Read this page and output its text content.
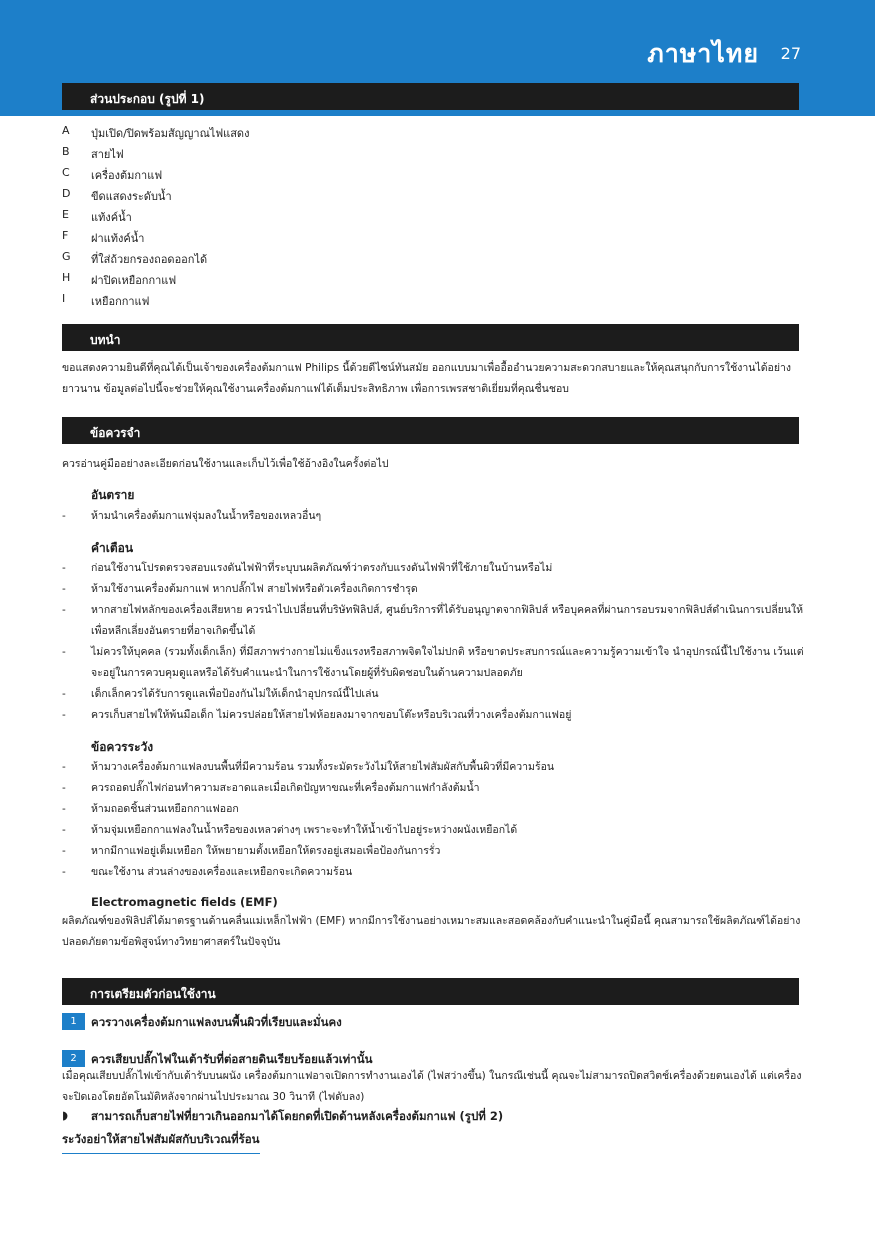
ภาษาไทย 27
ส่วนประกอบ (รูปที่ 1)
A	ปุ่มเปิด/ปิดพร้อมสัญญาณไฟแสดง
B	สายไฟ
C	เครื่องต้มกาแฟ
D	ขีดแสดงระดับน้ำ
E	แท้งค์น้ำ
F	ฝาแท้งค์น้ำ
G	ที่ใส่ถ้วยกรองถอดออกได้
H	ฝาปิดเหยือกกาแฟ
I	เหยือกกาแฟ
บทนำ
ขอแสดงความยินดีที่คุณได้เป็นเจ้าของเครื่องต้มกาแฟ Philips นี้ด้วยดีไซน์ทันสมัย ออกแบบมาเพื่ออื้ออำนวยความสะดวกสบายและให้คุณสนุกกับการใช้งานได้อย่างยาวนาน ข้อมูลต่อไปนี้จะช่วยให้คุณใช้งานเครื่องต้มกาแฟได้เต็มประสิทธิภาพ เพื่อการเพรสชาติเยี่ยมที่คุณชื่นชอบ
ข้อควรจำ
ควรอ่านคู่มืออย่างละเอียดก่อนใช้งานและเก็บไว้เพื่อใช้อ้างอิงในครั้งต่อไป
อันตราย
- ห้ามนำเครื่องต้มกาแฟจุ่มลงในน้ำหรือของเหลวอื่นๆ
คำเตือน
- ก่อนใช้งานโปรดตรวจสอบแรงดันไฟฟ้าที่ระบุบนผลิตภัณฑ์ว่าตรงกับแรงดันไฟฟ้าที่ใช้ภายในบ้านหรือไม่
- ห้ามใช้งานเครื่องต้มกาแฟ หากปลั๊กไฟ สายไฟหรือตัวเครื่องเกิดการชำรุด
- หากสายไฟหลักของเครื่องเสียหาย ควรนำไปเปลี่ยนที่บริษัทฟิลิปส์, ศูนย์บริการที่ได้รับอนุญาตจากฟิลิปส์ หรือบุคคลที่ผ่านการอบรมจากฟิลิปส์ดำเนินการเปลี่ยนให้ เพื่อหลีกเลี่ยงอันตรายที่อาจเกิดขึ้นได้
- ไม่ควรให้บุคคล (รวมทั้งเด็กเล็ก) ที่มีสภาพร่างกายไม่แข็งแรงหรือสภาพจิตใจไม่ปกติ หรือขาดประสบการณ์และความรู้ความเข้าใจ นำอุปกรณ์นี้ไปใช้งาน เว้นแต่จะอยู่ในการควบคุมดูแลหรือได้รับคำแนะนำในการใช้งานโดยผู้ที่รับผิดชอบในด้านความปลอดภัย
- เด็กเล็กควรได้รับการดูแลเพื่อป้องกันไม่ให้เด็กนำอุปกรณ์นี้ไปเล่น
- ควรเก็บสายไฟให้พ้นมือเด็ก ไม่ควรปล่อยให้สายไฟห้อยลงมาจากขอบโต๊ะหรือบริเวณที่วางเครื่องต้มกาแฟอยู่
ข้อควรระวัง
- ห้ามวางเครื่องต้มกาแฟลงบนพื้นที่มีความร้อน รวมทั้งระมัดระวังไม่ให้สายไฟสัมผัสกับพื้นผิวที่มีความร้อน
- ควรถอดปลั๊กไฟก่อนทำความสะอาดและเมื่อเกิดปัญหาขณะที่เครื่องต้มกาแฟกำลังต้มน้ำ
- ห้ามถอดชิ้นส่วนเหยือกกาแฟออก
- ห้ามจุ่มเหยือกกาแฟลงในน้ำหรือของเหลวต่างๆ เพราะจะทำให้น้ำเข้าไปอยู่ระหว่างผนังเหยือกได้
- หากมีกาแฟอยู่เต็มเหยือก ให้พยายามตั้งเหยือกให้ตรงอยู่เสมอเพื่อป้องกันการรั่ว
- ขณะใช้งาน ส่วนล่างของเครื่องและเหยือกจะเกิดความร้อน
Electromagnetic fields (EMF)
ผลิตภัณฑ์ของฟิลิปส์ได้มาตรฐานด้านคลื่นแม่เหล็กไฟฟ้า (EMF) หากมีการใช้งานอย่างเหมาะสมและสอดคล้องกับคำแนะนำในคู่มือนี้ คุณสามารถใช้ผลิตภัณฑ์ได้อย่างปลอดภัยตามข้อพิสูจน์ทางวิทยาศาสตร์ในปัจจุบัน
การเตรียมตัวก่อนใช้งาน
1	ควรวางเครื่องต้มกาแฟลงบนพื้นผิวที่เรียบและมั่นคง
2	ควรเสียบปลั๊กไฟในเต้ารับที่ต่อสายดินเรียบร้อยแล้วเท่านั้น
เมื่อคุณเสียบปลั๊กไฟเข้ากับเต้ารับบนผนัง เครื่องต้มกาแฟอาจเปิดการทำงานเองได้ (ไฟสว่างขึ้น) ในกรณีเช่นนี้ คุณจะไม่สามารถปิดสวิตช์เครื่องด้วยตนเองได้ แต่เครื่องจะปิดเองโดยอัตโนมัติหลังจากผ่านไปประมาณ 30 วินาที (ไฟดับลง)
◗ สามารถเก็บสายไฟที่ยาวเกินออกมาได้โดยกดที่เปิดด้านหลังเครื่องต้มกาแฟ (รูปที่ 2)
ระวังอย่าให้สายไฟสัมผัสกับบริเวณที่ร้อน
